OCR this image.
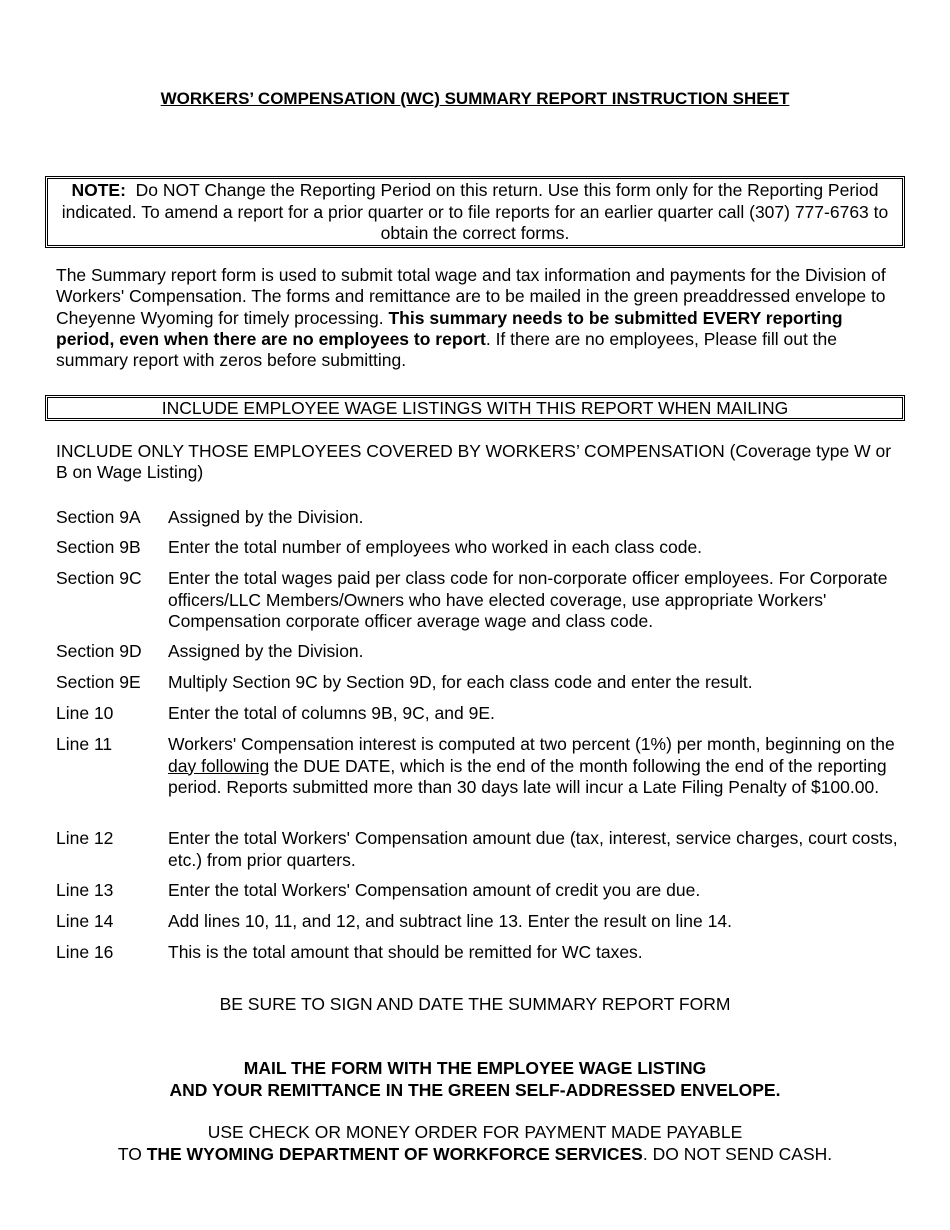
WORKERS’ COMPENSATION (WC) SUMMARY REPORT INSTRUCTION SHEET
NOTE: Do NOT Change the Reporting Period on this return. Use this form only for the Reporting Period indicated. To amend a report for a prior quarter or to file reports for an earlier quarter call (307) 777-6763 to obtain the correct forms.
The Summary report form is used to submit total wage and tax information and payments for the Division of Workers' Compensation. The forms and remittance are to be mailed in the green preaddressed envelope to Cheyenne Wyoming for timely processing. This summary needs to be submitted EVERY reporting period, even when there are no employees to report. If there are no employees, Please fill out the summary report with zeros before submitting.
INCLUDE EMPLOYEE WAGE LISTINGS WITH THIS REPORT WHEN MAILING
INCLUDE ONLY THOSE EMPLOYEES COVERED BY WORKERS’ COMPENSATION (Coverage type W or B on Wage Listing)
Section 9A	Assigned by the Division.
Section 9B	Enter the total number of employees who worked in each class code.
Section 9C	Enter the total wages paid per class code for non-corporate officer employees. For Corporate officers/LLC Members/Owners who have elected coverage, use appropriate Workers' Compensation corporate officer average wage and class code.
Section 9D	Assigned by the Division.
Section 9E	Multiply Section 9C by Section 9D, for each class code and enter the result.
Line 10	Enter the total of columns 9B, 9C, and 9E.
Line 11	Workers' Compensation interest is computed at two percent (1%) per month, beginning on the day following the DUE DATE, which is the end of the month following the end of the reporting period. Reports submitted more than 30 days late will incur a Late Filing Penalty of $100.00.
Line 12	Enter the total Workers' Compensation amount due (tax, interest, service charges, court costs, etc.) from prior quarters.
Line 13	Enter the total Workers' Compensation amount of credit you are due.
Line 14	Add lines 10, 11, and 12, and subtract line 13. Enter the result on line 14.
Line 16	This is the total amount that should be remitted for WC taxes.
BE SURE TO SIGN AND DATE THE SUMMARY REPORT FORM
MAIL THE FORM WITH THE EMPLOYEE WAGE LISTING
AND YOUR REMITTANCE IN THE GREEN SELF-ADDRESSED ENVELOPE.
USE CHECK OR MONEY ORDER FOR PAYMENT MADE PAYABLE
TO THE WYOMING DEPARTMENT OF WORKFORCE SERVICES. DO NOT SEND CASH.
